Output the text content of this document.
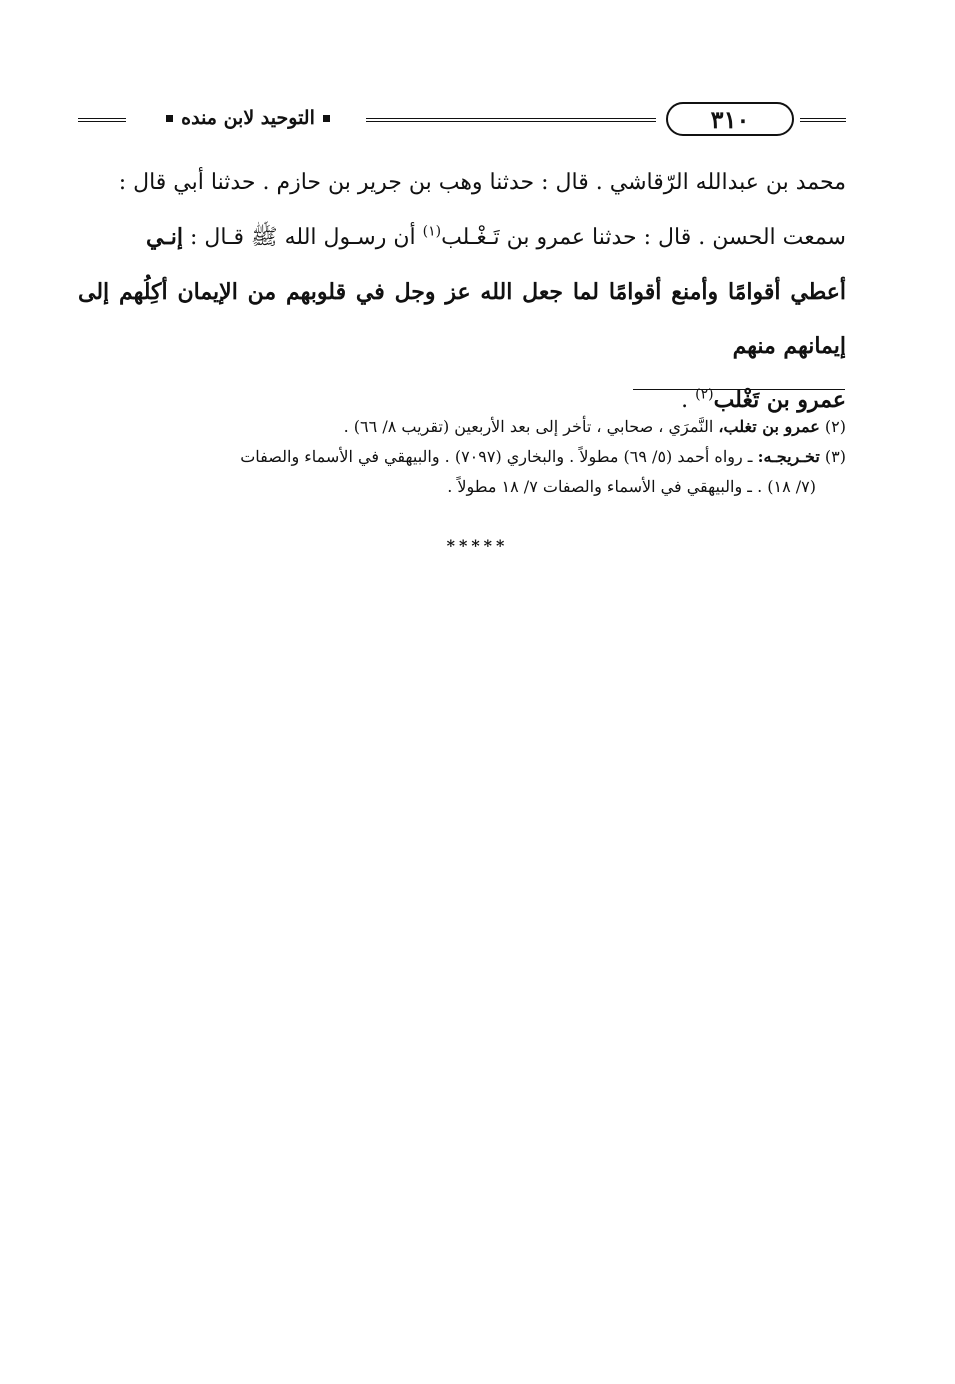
٣١٠
التوحيد لابن منده

محمد بن عبدالله الرّقاشي . قال : حدثنا وهب بن جرير بن حازم . حدثنا أبي قال :

سمعت الحسن . قال : حدثنا عمرو بن تَـغْـلب$^{(١)}$ أن رسـول الله ﷺ قـال : إنـي

أعطي أقوامًا وأمنع أقوامًا لما جعل الله عز وجل في قلوبهم من الإيمان أكِلُهم إلى إيمانهم منهم

عمرو بن تَغْلب$^{(٢)}$ .

(٢) عمرو بن تغلب، النَّمرَي ، صحابي ، تأخر إلى بعد الأربعين (تقريب ٨/ ٦٦) .

(٣) تخـريجـه: ـ رواه أحمد (٥/ ٦٩) مطولاً . والبخاري (٧٠٩٧) . والبيهقي في الأسماء والصفات

(٧/ ١٨) . ـ والبيهقي في الأسماء والصفات ٧/ ١٨ مطولاً .

*****
